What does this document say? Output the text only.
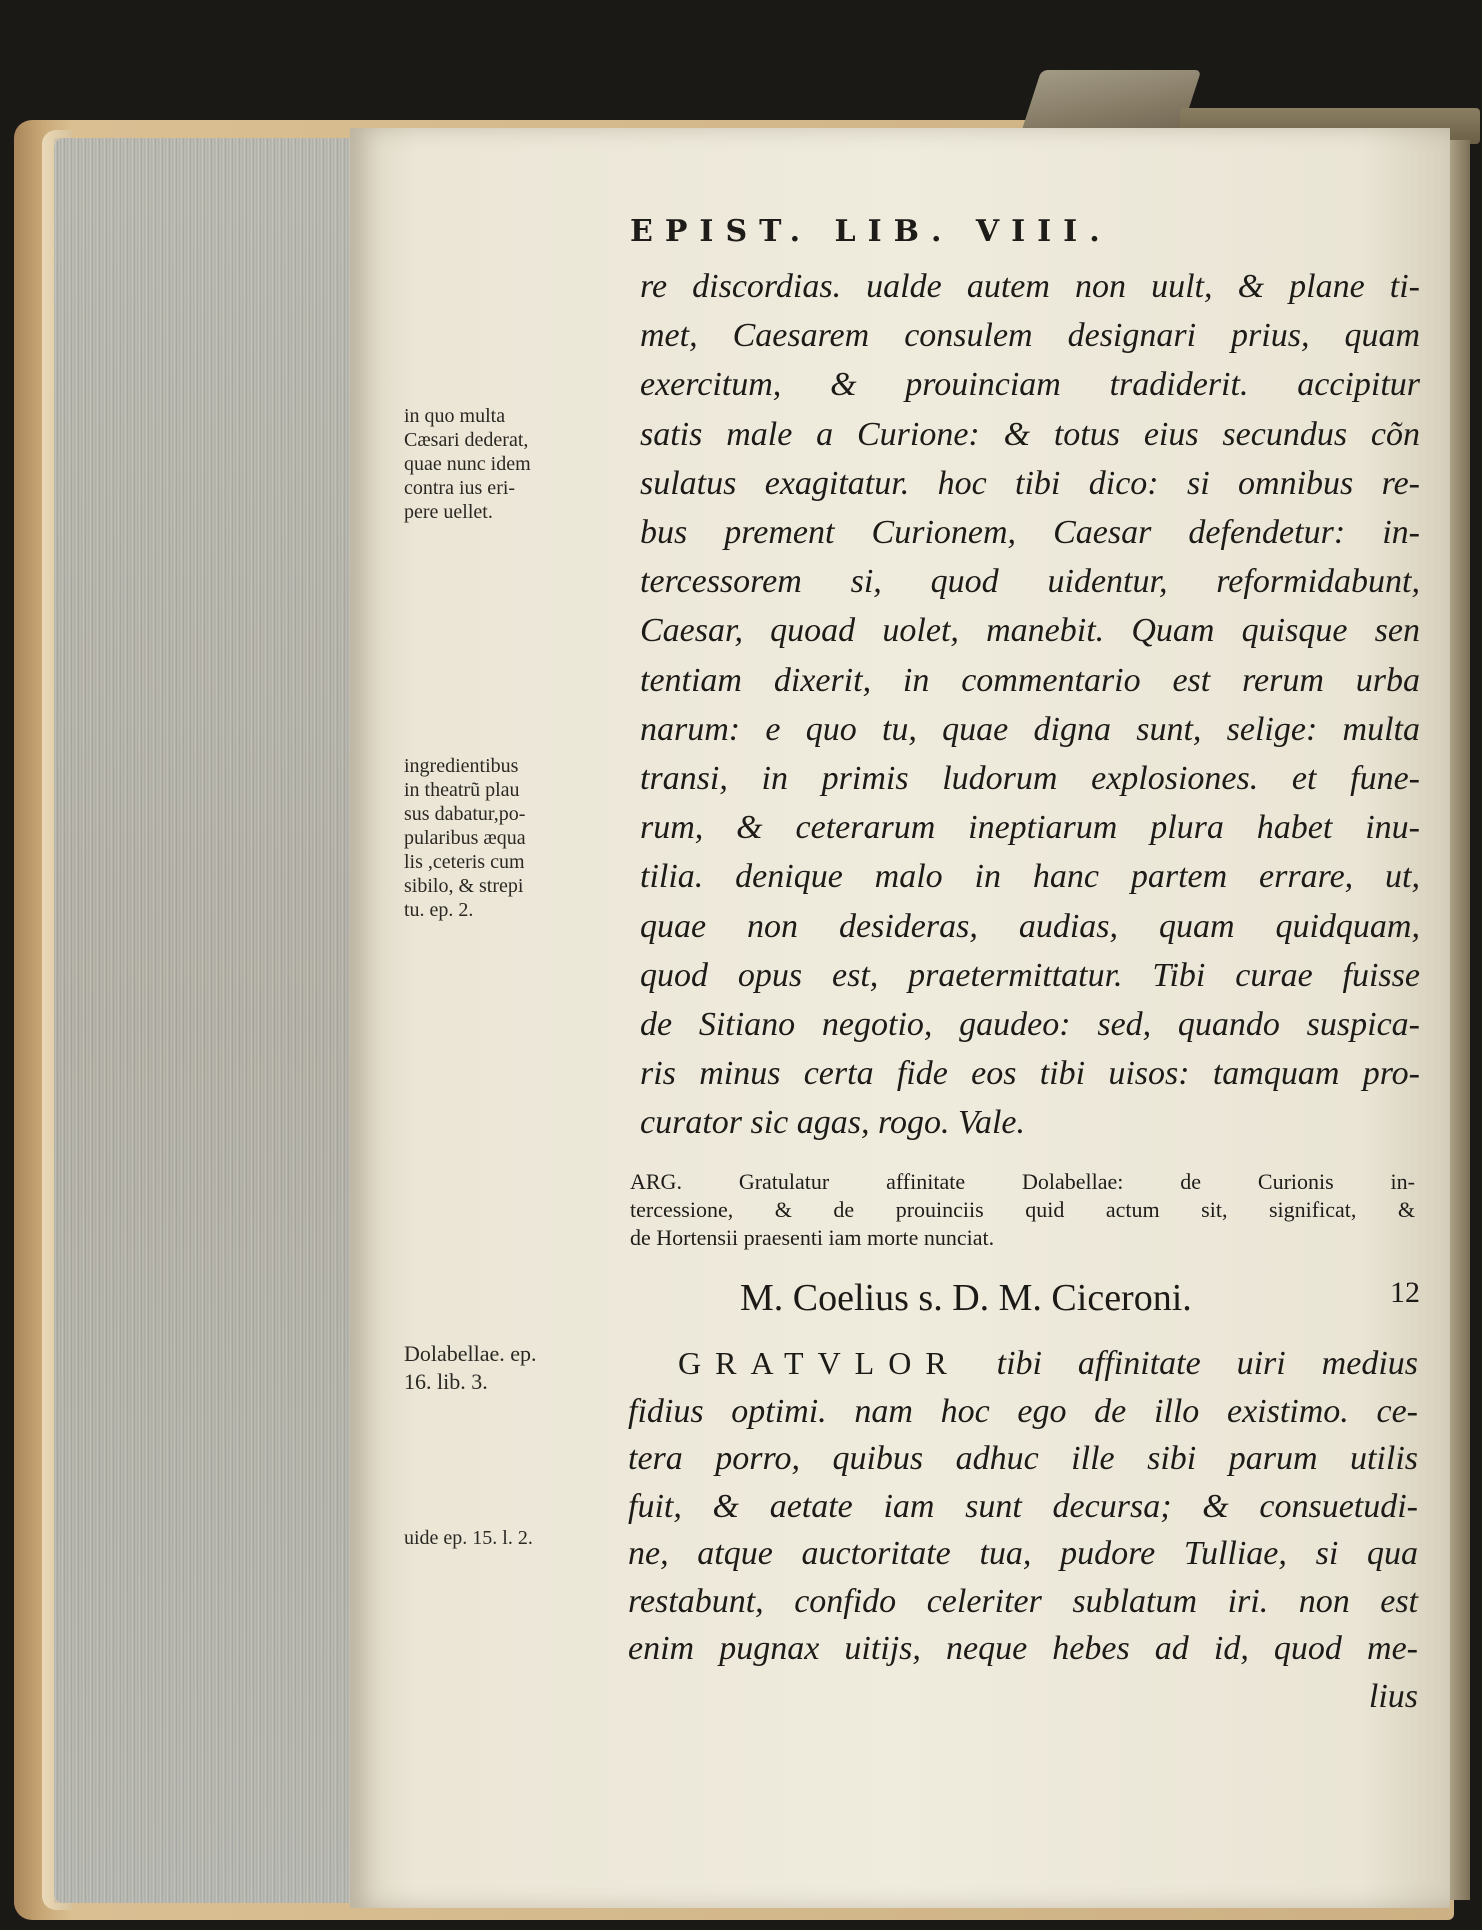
EPIST. LIB. VIII.
re discordias. ualde autem non uult, & plane ti-
met, Caesarem consulem designari prius, quam
exercitum, & prouinciam tradiderit. accipitur
satis male a Curione: & totus eius secundus cõn
sulatus exagitatur. hoc tibi dico: si omnibus re-
bus prement Curionem, Caesar defendetur: in-
tercessorem si, quod uidentur, reformidabunt,
Caesar, quoad uolet, manebit. Quam quisque sen
tentiam dixerit, in commentario est rerum urba
narum: e quo tu, quae digna sunt, selige: multa
transi, in primis ludorum explosiones. et fune-
rum, & ceterarum ineptiarum plura habet inu-
tilia. denique malo in hanc partem errare, ut,
quae non desideras, audias, quam quidquam,
quod opus est, praetermittatur. Tibi curae fuisse
de Sitiano negotio, gaudeo: sed, quando suspica-
ris minus certa fide eos tibi uisos: tamquam pro-
curator sic agas, rogo. Vale.
ARG. Gratulatur affinitate Dolabellae: de Curionis in-
tercessione, & de prouinciis quid actum sit, significat, &
de Hortensii praesenti iam morte nunciat.
M. Coelius s. D. M. Ciceroni.	12
GRATVLOR tibi affinitate uiri medius
fidius optimi. nam hoc ego de illo existimo. ce-
tera porro, quibus adhuc ille sibi parum utilis
fuit, & aetate iam sunt decursa; & consuetudi-
ne, atque auctoritate tua, pudore Tulliae, si qua
restabunt, confido celeriter sublatum iri. non est
enim pugnax uitijs, neque hebes ad id, quod me-
lius
in quo multa
Cæsari dederat,
quae nunc idem
contra ius eri-
pere uellet.
ingredientibus
in theatrũ plau
sus dabatur,po-
pularibus æqua
lis ,ceteris cum
sibilo, & strepi
tu. ep. 2.
Dolabellae. ep.
16. lib. 3.
uide ep. 15. l. 2.
